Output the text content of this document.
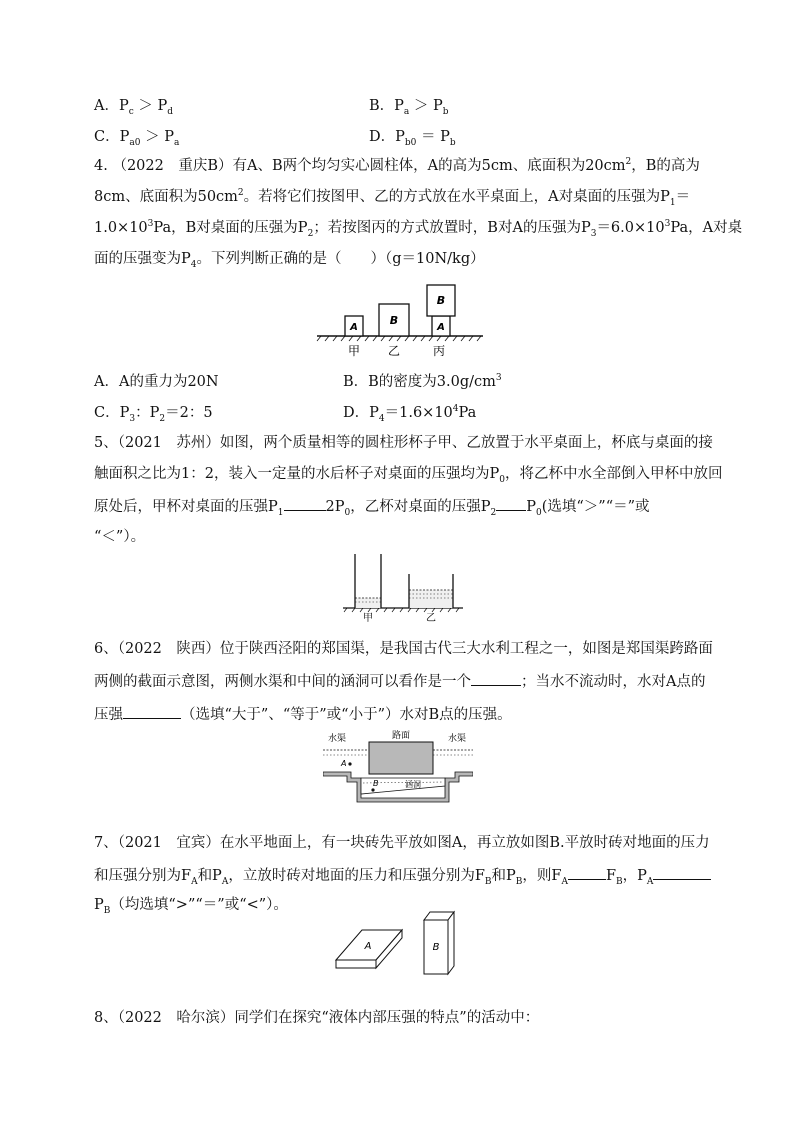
A．$P_c > P_d$	B．$P_a > P_b$
C．$P_{a0} > P_a$	D．$P_{b0} = P_b$
4. （2022　重庆B）有A、B两个均匀实心圆柱体，A的高为5cm、底面积为$20cm^2$，B的高为
8cm、底面积为$50cm^2$。若将它们按图甲、乙的方式放在水平桌面上，A对桌面的压强为$P_1=$
$1.0\times 10^3Pa$，B对桌面的压强为$P_2$；若按图丙的方式放置时，B对A的压强为$P_3=6.0\times 10^3Pa$，A对桌
面的压强变为$P_4$。下列判断正确的是（　　）（g＝10N/kg）
A
B
A
B
甲 乙	丙
A．A的重力为20N	B．B的密度为$3.0g/cm^3$
C．$P_3$：$P_2=2$：5	D．$P_4=1.6\times 10^4Pa$
5、（2021　苏州）如图，两个质量相等的圆柱形杯子甲、乙放置于水平桌面上，杯底与桌面的接
触面积之比为1：2，装入一定量的水后杯子对桌面的压强均为$P_0$，将乙杯中水全部倒入甲杯中放回
原处后，甲杯对桌面的压强$P_1$	$2P_0$，乙杯对桌面的压强$P_2$ $P_0$(选填“＞”“＝”或
“＜”）。
甲	乙
6、（2022　陕西）位于陕西泾阳的郑国渠，是我国古代三大水利工程之一，如图是郑国渠跨路面
两侧的截面示意图，两侧水渠和中间的涵洞可以看作是一个	；当水不流动时，水对A点的
压强	（选填“大于”、“等于”或“小于”）水对B点的压强。
水渠	路面	水渠
涵洞
A
B
7、（2021　宜宾）在水平地面上，有一块砖先平放如图A，再立放如图B.平放时砖对地面的压力
和压强分别为$F_A$和$P_A$，立放时砖对地面的压力和压强分别为$F_B$和$P_B$，则$F_A$	$F_B$，$P_A$
$P_B$（均选填“>”“＝”或“<”）。
A	B
8、（2022　哈尔滨）同学们在探究“液体内部压强的特点”的活动中：
